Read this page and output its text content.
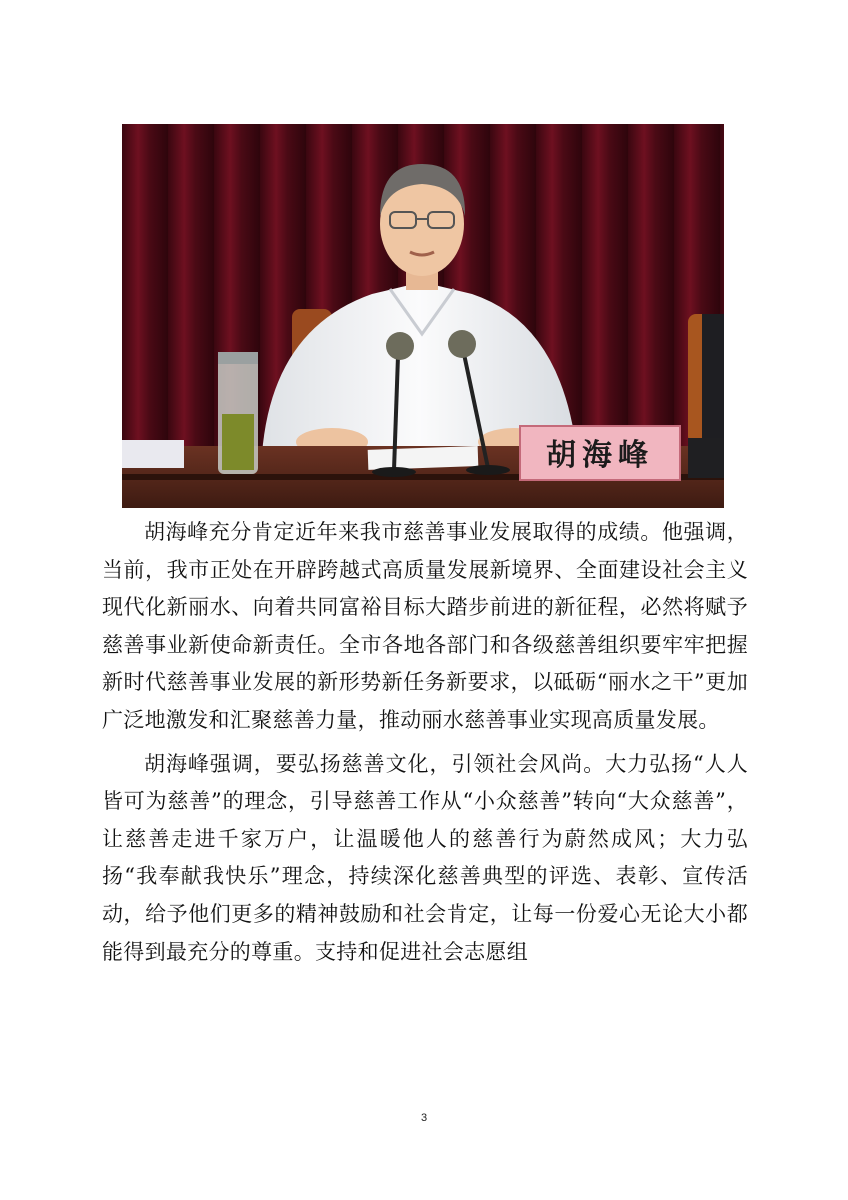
胡海峰

胡海峰充分肯定近年来我市慈善事业发展取得的成绩。他强调，当前，我市正处在开辟跨越式高质量发展新境界、全面建设社会主义现代化新丽水、向着共同富裕目标大踏步前进的新征程，必然将赋予慈善事业新使命新责任。全市各地各部门和各级慈善组织要牢牢把握新时代慈善事业发展的新形势新任务新要求，以砥砺“丽水之干”更加广泛地激发和汇聚慈善力量，推动丽水慈善事业实现高质量发展。

胡海峰强调，要弘扬慈善文化，引领社会风尚。大力弘扬“人人皆可为慈善”的理念，引导慈善工作从“小众慈善”转向“大众慈善”，让慈善走进千家万户，让温暖他人的慈善行为蔚然成风；大力弘扬“我奉献我快乐”理念，持续深化慈善典型的评选、表彰、宣传活动，给予他们更多的精神鼓励和社会肯定，让每一份爱心无论大小都能得到最充分的尊重。支持和促进社会志愿组

3
